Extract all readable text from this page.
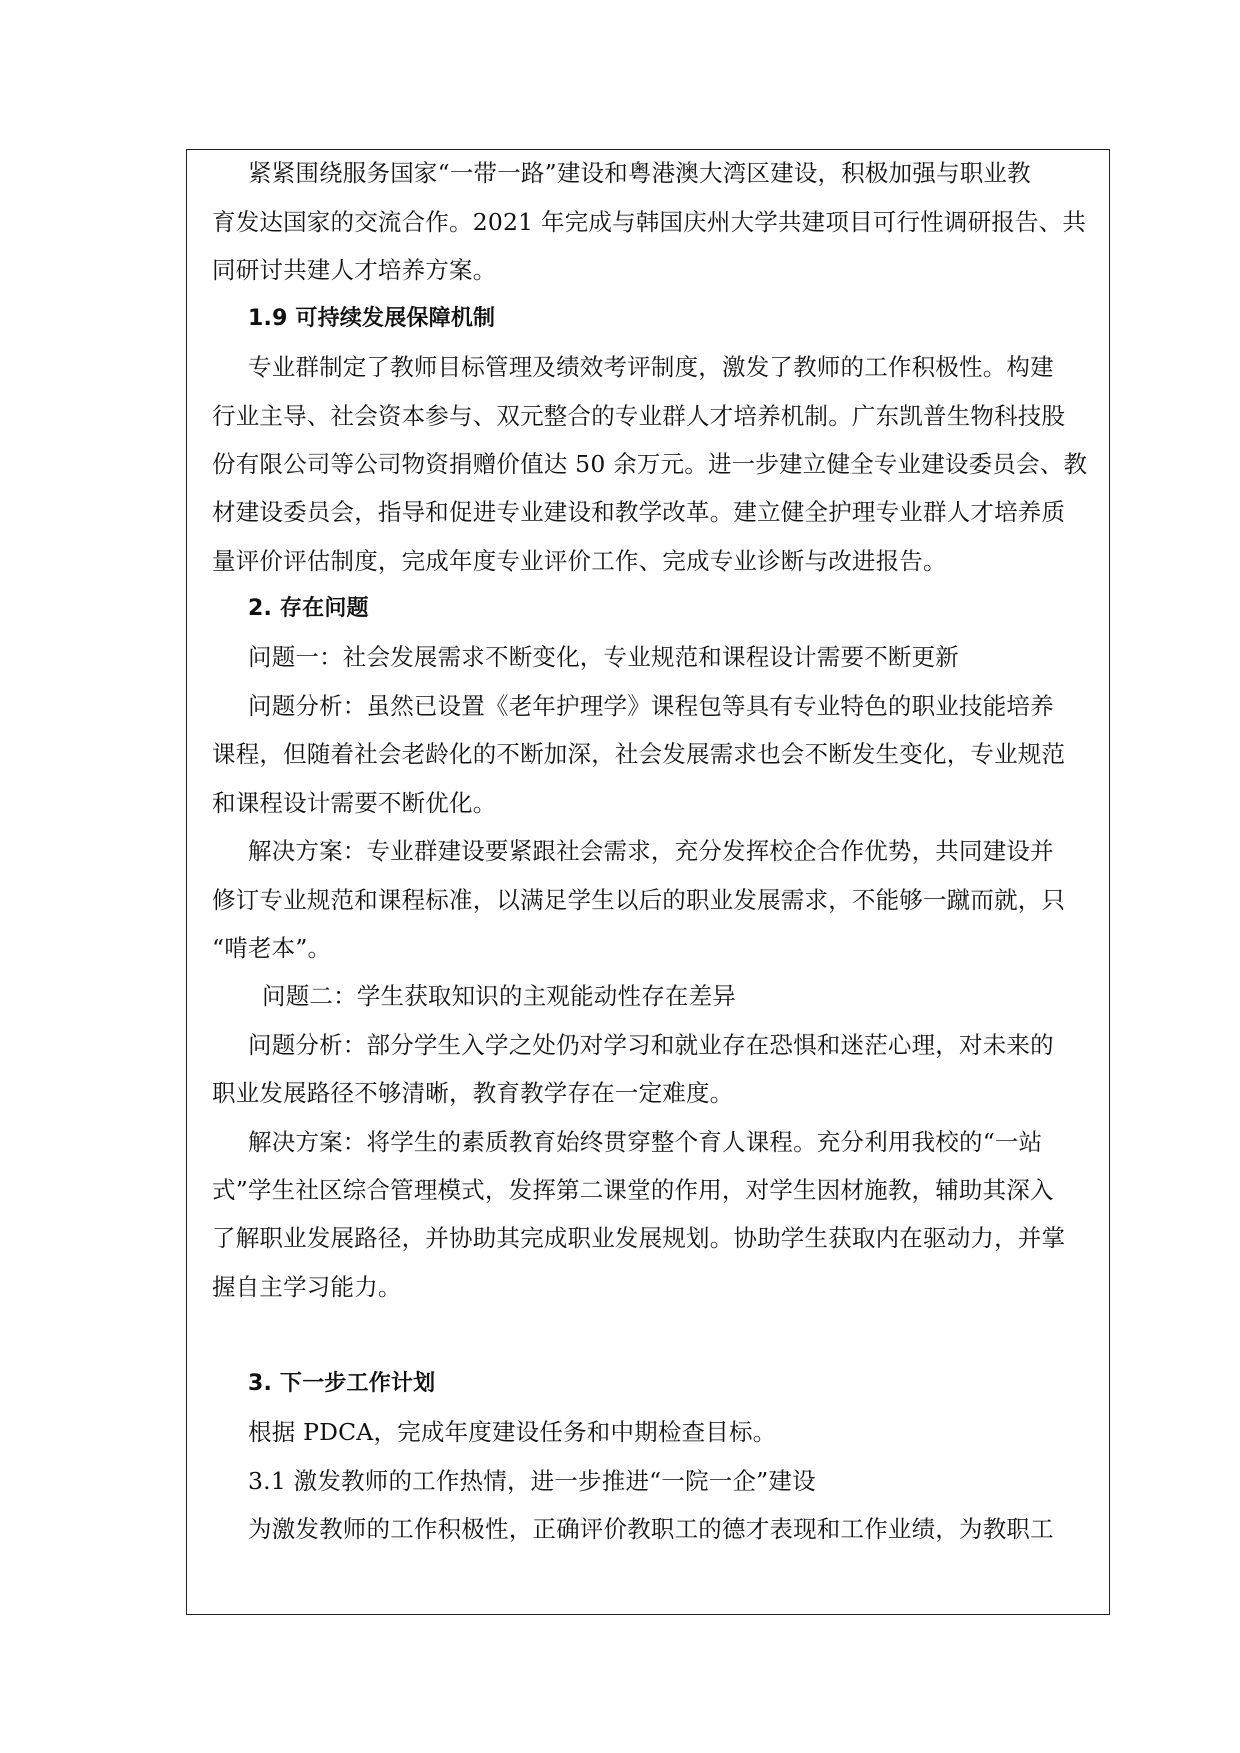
紧紧围绕服务国家“一带一路”建设和粤港澳大湾区建设，积极加强与职业教
育发达国家的交流合作。2021 年完成与韩国庆州大学共建项目可行性调研报告、共
同研讨共建人才培养方案。
1.9 可持续发展保障机制
专业群制定了教师目标管理及绩效考评制度，激发了教师的工作积极性。构建
行业主导、社会资本参与、双元整合的专业群人才培养机制。广东凯普生物科技股
份有限公司等公司物资捐赠价值达 50 余万元。进一步建立健全专业建设委员会、教
材建设委员会，指导和促进专业建设和教学改革。建立健全护理专业群人才培养质
量评价评估制度，完成年度专业评价工作、完成专业诊断与改进报告。
2. 存在问题
问题一：社会发展需求不断变化，专业规范和课程设计需要不断更新
问题分析：虽然已设置《老年护理学》课程包等具有专业特色的职业技能培养
课程，但随着社会老龄化的不断加深，社会发展需求也会不断发生变化，专业规范
和课程设计需要不断优化。
解决方案：专业群建设要紧跟社会需求，充分发挥校企合作优势，共同建设并
修订专业规范和课程标准，以满足学生以后的职业发展需求，不能够一蹴而就，只
“啃老本”。
问题二：学生获取知识的主观能动性存在差异
问题分析：部分学生入学之处仍对学习和就业存在恐惧和迷茫心理，对未来的
职业发展路径不够清晰，教育教学存在一定难度。
解决方案：将学生的素质教育始终贯穿整个育人课程。充分利用我校的“一站
式”学生社区综合管理模式，发挥第二课堂的作用，对学生因材施教，辅助其深入
了解职业发展路径，并协助其完成职业发展规划。协助学生获取内在驱动力，并掌
握自主学习能力。
3. 下一步工作计划
根据 PDCA，完成年度建设任务和中期检查目标。
3.1 激发教师的工作热情，进一步推进“一院一企”建设
为激发教师的工作积极性，正确评价教职工的德才表现和工作业绩，为教职工
